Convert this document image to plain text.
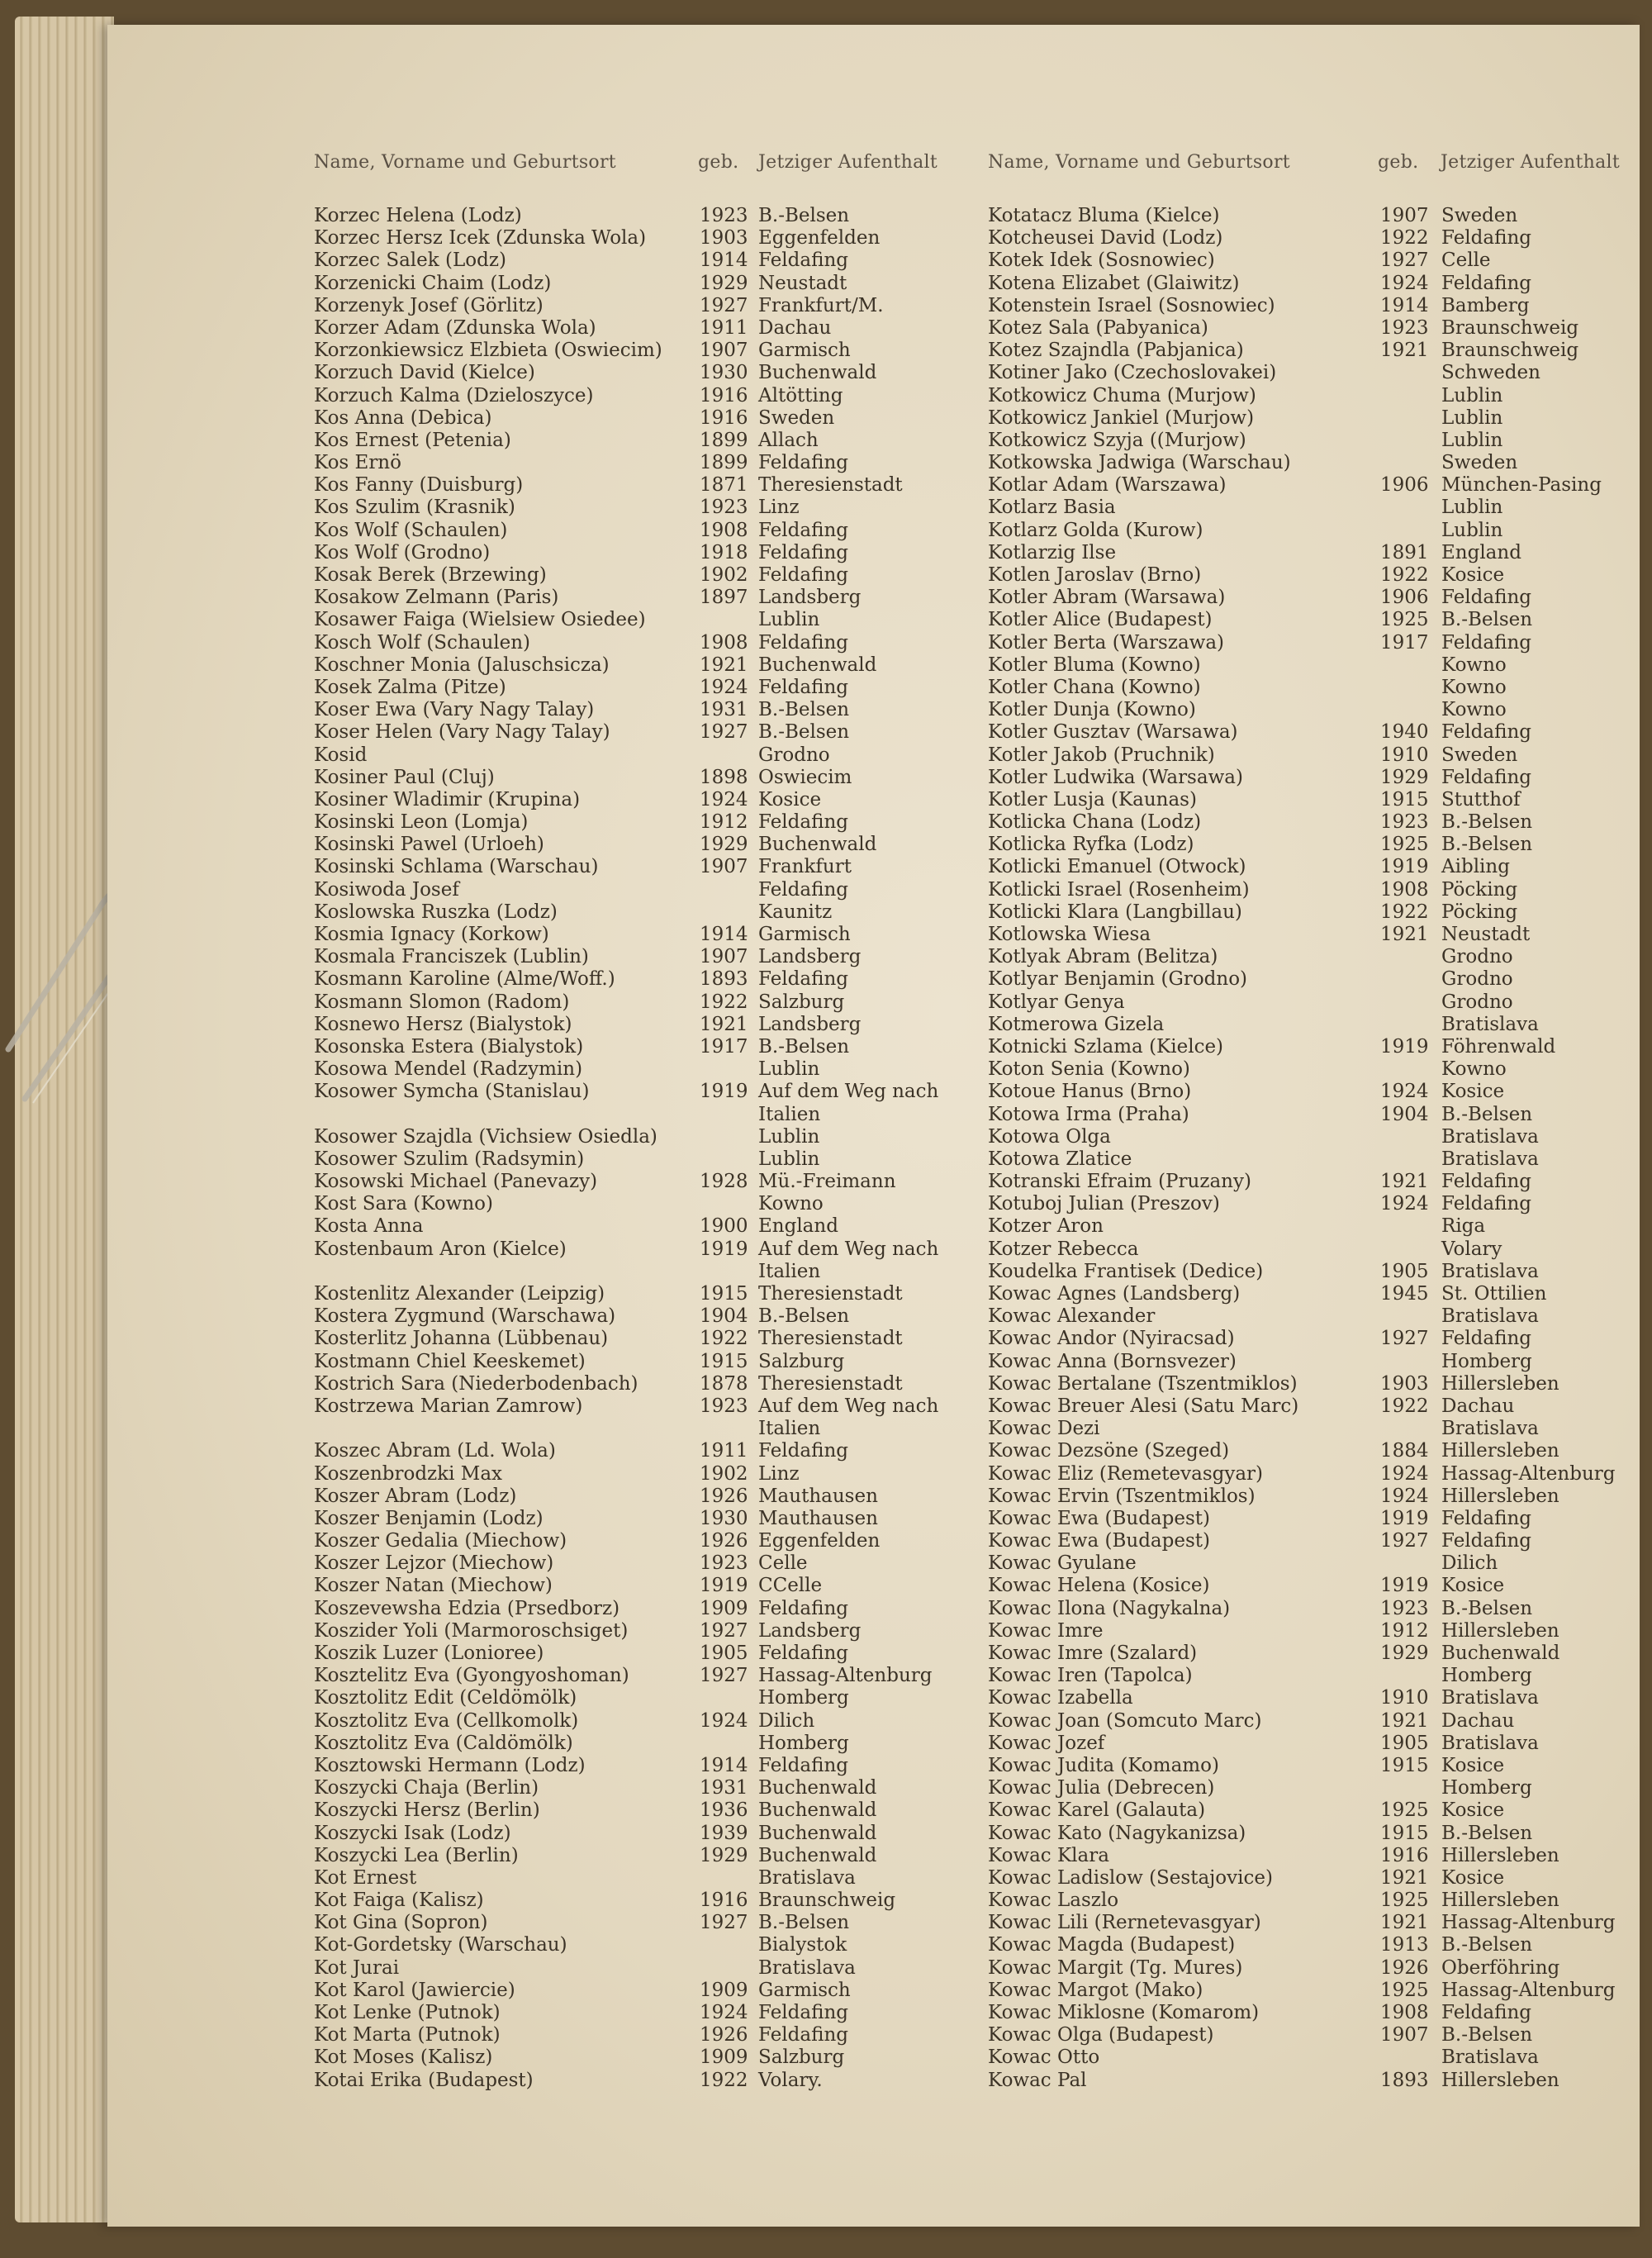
Name, Vorname und Geburtsort	geb. Jetziger Aufenthalt
Korzec Helena (Lodz)	1923 B.-Belsen
Korzec Hersz Icek (Zdunska Wola)	1903 Eggenfelden
Korzec Salek (Lodz)	1914 Feldafing
Korzenicki Chaim (Lodz)	1929 Neustadt
Korzenyk Josef (Görlitz)	1927 Frankfurt/M.
Korzer Adam (Zdunska Wola)	1911 Dachau
Korzonkiewsicz Elzbieta (Oswiecim) 1907 Garmisch
Korzuch David (Kielce)	1930 Buchenwald
Korzuch Kalma (Dzieloszyce)	1916 Altötting
Kos Anna (Debica)	1916 Sweden
Kos Ernest (Petenia)	1899 Allach
Kos Ernö	1899 Feldafing
Kos Fanny (Duisburg)	1871 Theresienstadt
Kos Szulim (Krasnik)	1923 Linz
Kos Wolf (Schaulen)	1908 Feldafing
Kos Wolf (Grodno)	1918 Feldafing
Kosak Berek (Brzewing)	1902 Feldafing
Kosakow Zelmann (Paris)	1897 Landsberg
Kosawer Faiga (Wielsiew Osiedee)	Lublin
Kosch Wolf (Schaulen)	1908 Feldafing
Koschner Monia (Jaluschsicza)	1921 Buchenwald
Kosek Zalma (Pitze)	1924 Feldafing
Koser Ewa (Vary Nagy Talay)	1931 B.-Belsen
Koser Helen (Vary Nagy Talay)	1927 B.-Belsen
Kosid	Grodno
Kosiner Paul (Cluj)	1898 Oswiecim
Kosiner Wladimir (Krupina)	1924 Kosice
Kosinski Leon (Lomja)	1912 Feldafing
Kosinski Pawel (Urloeh)	1929 Buchenwald
Kosinski Schlama (Warschau)	1907 Frankfurt
Kosiwoda Josef	Feldafing
Koslowska Ruszka (Lodz)	Kaunitz
Kosmia Ignacy (Korkow)	1914 Garmisch
Kosmala Franciszek (Lublin)	1907 Landsberg
Kosmann Karoline (Alme/Woff.)	1893 Feldafing
Kosmann Slomon (Radom)	1922 Salzburg
Kosnewo Hersz (Bialystok)	1921 Landsberg
Kosonska Estera (Bialystok)	1917 B.-Belsen
Kosowa Mendel (Radzymin)	Lublin
Kosower Symcha (Stanislau)	1919 Auf dem Weg nach
Italien
Kosower Szajdla (Vichsiew Osiedla)	Lublin
Kosower Szulim (Radsymin)	Lublin
Kosowski Michael (Panevazy)	1928 Mü.-Freimann
Kost Sara (Kowno)	Kowno
Kosta Anna	1900 England
Kostenbaum Aron (Kielce)	1919 Auf dem Weg nach
Italien
Kostenlitz Alexander (Leipzig)	1915 Theresienstadt
Kostera Zygmund (Warschawa)	1904 B.-Belsen
Kosterlitz Johanna (Lübbenau)	1922 Theresienstadt
Kostmann Chiel Keeskemet)	1915 Salzburg
Kostrich Sara (Niederbodenbach)	1878 Theresienstadt
Kostrzewa Marian Zamrow)	1923 Auf dem Weg nach
Italien
Koszec Abram (Ld. Wola)	1911 Feldafing
Koszenbrodzki Max	1902 Linz
Koszer Abram (Lodz)	1926 Mauthausen
Koszer Benjamin (Lodz)	1930 Mauthausen
Koszer Gedalia (Miechow)	1926 Eggenfelden
Koszer Lejzor (Miechow)	1923 Celle
Koszer Natan (Miechow)	1919 CCelle
Koszevewsha Edzia (Prsedborz)	1909 Feldafing
Koszider Yoli (Marmoroschsiget)	1927 Landsberg
Koszik Luzer (Lonioree)	1905 Feldafing
Kosztelitz Eva (Gyongyoshoman)	1927 Hassag-Altenburg
Kosztolitz Edit (Celdömölk)	Homberg
Kosztolitz Eva (Cellkomolk)	1924 Dilich
Kosztolitz Eva (Caldömölk)	Homberg
Kosztowski Hermann (Lodz)	1914 Feldafing
Koszycki Chaja (Berlin)	1931 Buchenwald
Koszycki Hersz (Berlin)	1936 Buchenwald
Koszycki Isak (Lodz)	1939 Buchenwald
Koszycki Lea (Berlin)	1929 Buchenwald
Kot Ernest	Bratislava
Kot Faiga (Kalisz)	1916 Braunschweig
Kot Gina (Sopron)	1927 B.-Belsen
Kot-Gordetsky (Warschau)	Bialystok
Kot Jurai	Bratislava
Kot Karol (Jawiercie)	1909 Garmisch
Kot Lenke (Putnok)	1924 Feldafing
Kot Marta (Putnok)	1926 Feldafing
Kot Moses (Kalisz)	1909 Salzburg
Kotai Erika (Budapest)	1922 Volary.
Name, Vorname und Geburtsort	geb. Jetziger Aufenthalt
Kotatacz Bluma (Kielce)	1907 Sweden
Kotcheusei David (Lodz)	1922 Feldafing
Kotek Idek (Sosnowiec)	1927 Celle
Kotena Elizabet (Glaiwitz)	1924 Feldafing
Kotenstein Israel (Sosnowiec)	1914 Bamberg
Kotez Sala (Pabyanica)	1923 Braunschweig
Kotez Szajndla (Pabjanica)	1921 Braunschweig
Kotiner Jako (Czechoslovakei)	Schweden
Kotkowicz Chuma (Murjow)	Lublin
Kotkowicz Jankiel (Murjow)	Lublin
Kotkowicz Szyja ((Murjow)	Lublin
Kotkowska Jadwiga (Warschau)	Sweden
Kotlar Adam (Warszawa)	1906 München-Pasing
Kotlarz Basia	Lublin
Kotlarz Golda (Kurow)	Lublin
Kotlarzig Ilse	1891 England
Kotlen Jaroslav (Brno)	1922 Kosice
Kotler Abram (Warsawa)	1906 Feldafing
Kotler Alice (Budapest)	1925 B.-Belsen
Kotler Berta (Warszawa)	1917 Feldafing
Kotler Bluma (Kowno)	Kowno
Kotler Chana (Kowno)	Kowno
Kotler Dunja (Kowno)	Kowno
Kotler Gusztav (Warsawa)	1940 Feldafing
Kotler Jakob (Pruchnik)	1910 Sweden
Kotler Ludwika (Warsawa)	1929 Feldafing
Kotler Lusja (Kaunas)	1915 Stutthof
Kotlicka Chana (Lodz)	1923 B.-Belsen
Kotlicka Ryfka (Lodz)	1925 B.-Belsen
Kotlicki Emanuel (Otwock)	1919 Aibling
Kotlicki Israel (Rosenheim)	1908 Pöcking
Kotlicki Klara (Langbillau)	1922 Pöcking
Kotlowska Wiesa	1921 Neustadt
Kotlyak Abram (Belitza)	Grodno
Kotlyar Benjamin (Grodno)	Grodno
Kotlyar Genya	Grodno
Kotmerowa Gizela	Bratislava
Kotnicki Szlama (Kielce)	1919 Föhrenwald
Koton Senia (Kowno)	Kowno
Kotoue Hanus (Brno)	1924 Kosice
Kotowa Irma (Praha)	1904 B.-Belsen
Kotowa Olga	Bratislava
Kotowa Zlatice	Bratislava
Kotranski Efraim (Pruzany)	1921 Feldafing
Kotuboj Julian (Preszov)	1924 Feldafing
Kotzer Aron	Riga
Kotzer Rebecca	Volary
Koudelka Frantisek (Dedice)	1905 Bratislava
Kowac Agnes (Landsberg)	1945 St. Ottilien
Kowac Alexander	Bratislava
Kowac Andor (Nyiracsad)	1927 Feldafing
Kowac Anna (Bornsvezer)	Homberg
Kowac Bertalane (Tszentmiklos)	1903 Hillersleben
Kowac Breuer Alesi (Satu Marc)	1922 Dachau
Kowac Dezi	Bratislava
Kowac Dezsöne (Szeged)	1884 Hillersleben
Kowac Eliz (Remetevasgyar)	1924 Hassag-Altenburg
Kowac Ervin (Tszentmiklos)	1924 Hillersleben
Kowac Ewa (Budapest)	1919 Feldafing
Kowac Ewa (Budapest)	1927 Feldafing
Kowac Gyulane	Dilich
Kowac Helena (Kosice)	1919 Kosice
Kowac Ilona (Nagykalna)	1923 B.-Belsen
Kowac Imre	1912 Hillersleben
Kowac Imre (Szalard)	1929 Buchenwald
Kowac Iren (Tapolca)	Homberg
Kowac Izabella	1910 Bratislava
Kowac Joan (Somcuto Marc)	1921 Dachau
Kowac Jozef	1905 Bratislava
Kowac Judita (Komamo)	1915 Kosice
Kowac Julia (Debrecen)	Homberg
Kowac Karel (Galauta)	1925 Kosice
Kowac Kato (Nagykanizsa)	1915 B.-Belsen
Kowac Klara	1916 Hillersleben
Kowac Ladislow (Sestajovice)	1921 Kosice
Kowac Laszlo	1925 Hillersleben
Kowac Lili (Rernetevasgyar)	1921 Hassag-Altenburg
Kowac Magda (Budapest)	1913 B.-Belsen
Kowac Margit (Tg. Mures)	1926 Oberföhring
Kowac Margot (Mako)	1925 Hassag-Altenburg
Kowac Miklosne (Komarom)	1908 Feldafing
Kowac Olga (Budapest)	1907 B.-Belsen
Kowac Otto	Bratislava
Kowac Pal	1893 Hillersleben
